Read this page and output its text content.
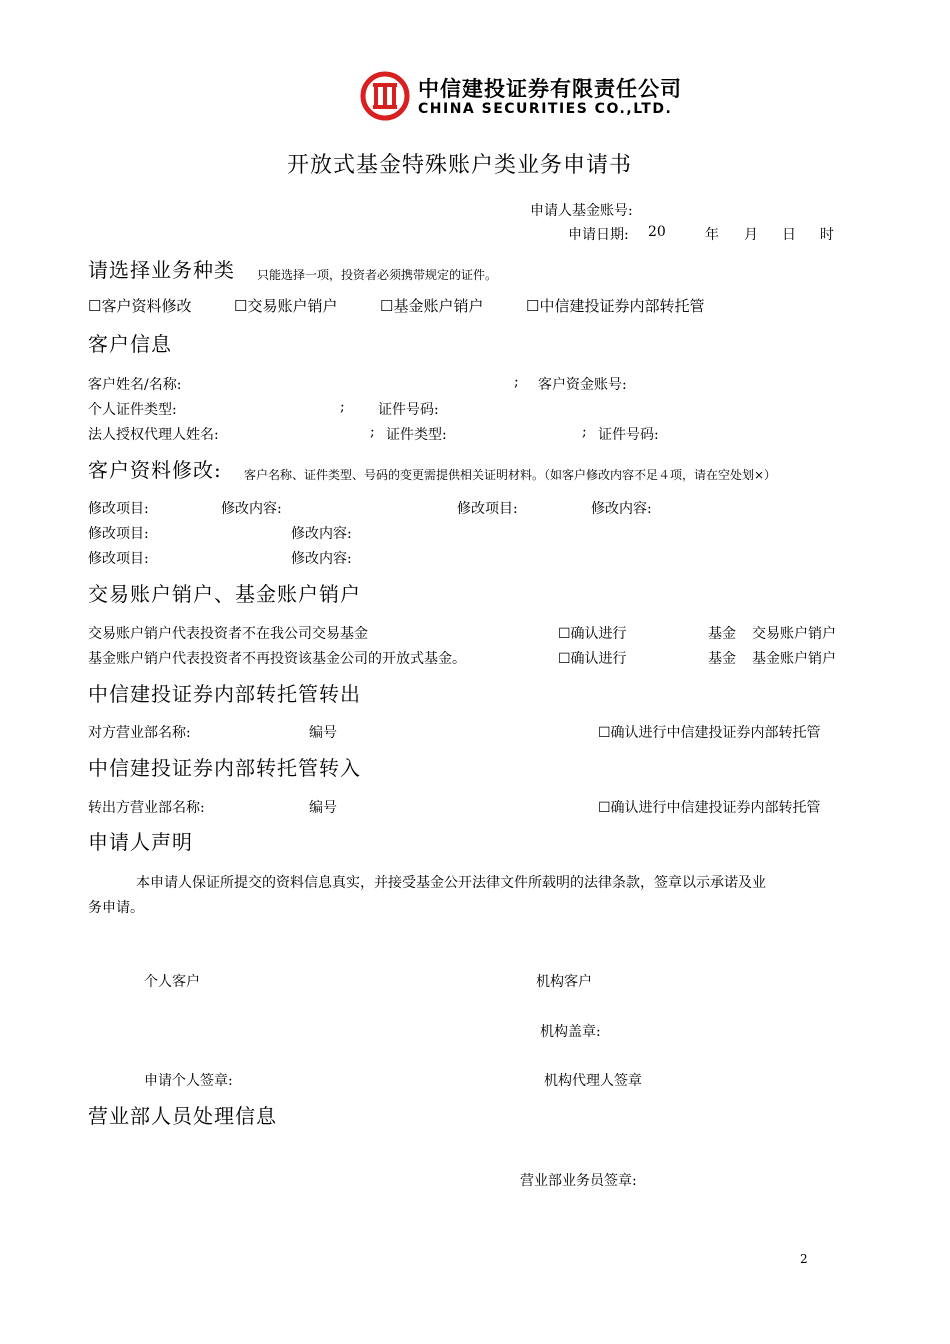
中信建投证券有限责任公司
CHINA SECURITIES CO.,LTD.
开放式基金特殊账户类业务申请书
申请人基金账号:
申请日期: 20	年 月 日 时
请选择业务种类 只能选择一项，投资者必须携带规定的证件。
☐客户资料修改	☐交易账户销户	☐基金账户销户	☐中信建投证券内部转托管
客户信息
客户姓名/名称:	; 客户资金账号:
个人证件类型:	; 证件号码:
法人授权代理人姓名:	; 证件类型:	; 证件号码:
客户资料修改: 客户名称、证件类型、号码的变更需提供相关证明材料。（如客户修改内容不足４项，请在空处划×）
修改项目:	修改内容:	修改项目:	修改内容:
修改项目:	修改内容:
修改项目:	修改内容:
交易账户销户、基金账户销户
交易账户销户代表投资者不在我公司交易基金	☐确认进行	基金 交易账户销户
基金账户销户代表投资者不再投资该基金公司的开放式基金。	☐确认进行	基金 基金账户销户
中信建投证券内部转托管转出
对方营业部名称:	编号	☐确认进行中信建投证券内部转托管
中信建投证券内部转托管转入
转出方营业部名称:	编号	☐确认进行中信建投证券内部转托管
申请人声明
本申请人保证所提交的资料信息真实，并接受基金公开法律文件所载明的法律条款，签章以示承诺及业
务申请。
个人客户	机构客户
机构盖章:
申请个人签章:	机构代理人签章
营业部人员处理信息
营业部业务员签章:
2
